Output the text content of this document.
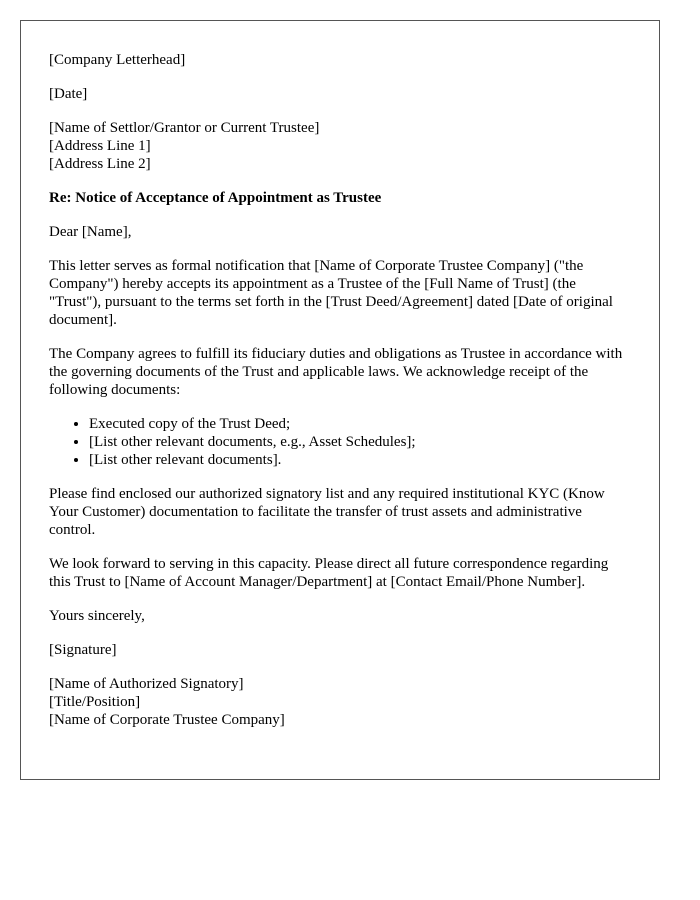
[Company Letterhead]

[Date]

[Name of Settlor/Grantor or Current Trustee]
[Address Line 1]
[Address Line 2]

Re: Notice of Acceptance of Appointment as Trustee

Dear [Name],

This letter serves as formal notification that [Name of Corporate Trustee Company] ("the Company") hereby accepts its appointment as a Trustee of the [Full Name of Trust] (the "Trust"), pursuant to the terms set forth in the [Trust Deed/Agreement] dated [Date of original document].

The Company agrees to fulfill its fiduciary duties and obligations as Trustee in accordance with the governing documents of the Trust and applicable laws. We acknowledge receipt of the following documents:

• Executed copy of the Trust Deed;
• [List other relevant documents, e.g., Asset Schedules];
• [List other relevant documents].

Please find enclosed our authorized signatory list and any required institutional KYC (Know Your Customer) documentation to facilitate the transfer of trust assets and administrative control.

We look forward to serving in this capacity. Please direct all future correspondence regarding this Trust to [Name of Account Manager/Department] at [Contact Email/Phone Number].

Yours sincerely,

[Signature]

[Name of Authorized Signatory]
[Title/Position]
[Name of Corporate Trustee Company]
